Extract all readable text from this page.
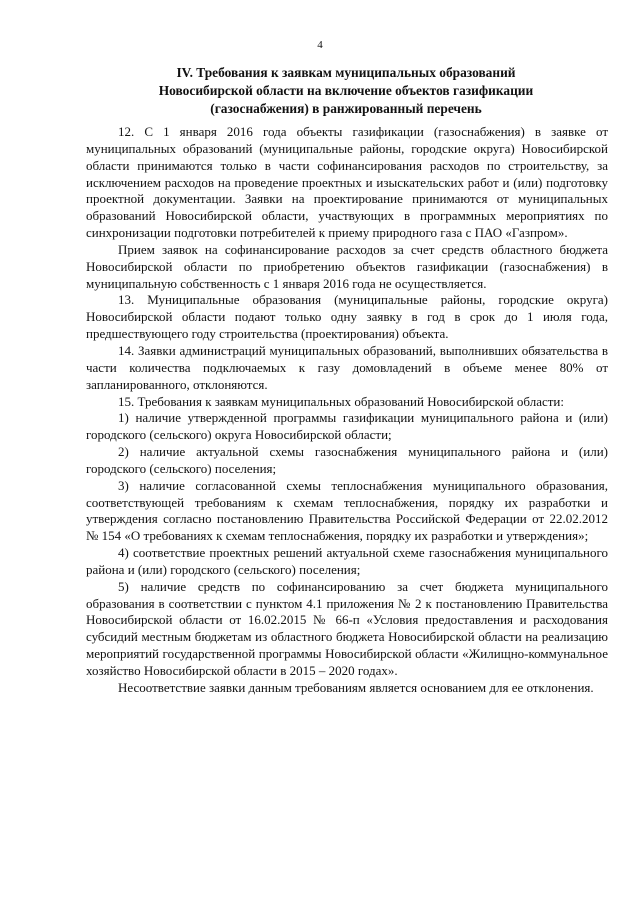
4
IV. Требования к заявкам муниципальных образований
Новосибирской области на включение объектов газификации
(газоснабжения) в ранжированный перечень

12. С 1 января 2016 года объекты газификации (газоснабжения) в заявке от муниципальных образований (муниципальные районы, городские округа) Новосибирской области принимаются только в части софинансирования расходов по строительству, за исключением расходов на проведение проектных и изыскательских работ и (или) подготовку проектной документации. Заявки на проектирование принимаются от муниципальных образований Новосибирской области, участвующих в программных мероприятиях по синхронизации подготовки потребителей к приему природного газа с ПАО «Газпром».

Прием заявок на софинансирование расходов за счет средств областного бюджета Новосибирской области по приобретению объектов газификации (газоснабжения) в муниципальную собственность с 1 января 2016 года не осуществляется.

13. Муниципальные образования (муниципальные районы, городские округа) Новосибирской области подают только одну заявку в год в срок до 1 июля года, предшествующего году строительства (проектирования) объекта.

14. Заявки администраций муниципальных образований, выполнивших обязательства в части количества подключаемых к газу домовладений в объеме менее 80% от запланированного, отклоняются.

15. Требования к заявкам муниципальных образований Новосибирской области:

1) наличие утвержденной программы газификации муниципального района и (или) городского (сельского) округа Новосибирской области;

2) наличие актуальной схемы газоснабжения муниципального района и (или) городского (сельского) поселения;

3) наличие согласованной схемы теплоснабжения муниципального образования, соответствующей требованиям к схемам теплоснабжения, порядку их разработки и утверждения согласно постановлению Правительства Российской Федерации от 22.02.2012 № 154 «О требованиях к схемам теплоснабжения, порядку их разработки и утверждения»;

4) соответствие проектных решений актуальной схеме газоснабжения муниципального района и (или) городского (сельского) поселения;

5) наличие средств по софинансированию за счет бюджета муниципального образования в соответствии с пунктом 4.1 приложения № 2 к постановлению Правительства Новосибирской области от 16.02.2015 № 66-п «Условия предоставления и расходования субсидий местным бюджетам из областного бюджета Новосибирской области на реализацию мероприятий государственной программы Новосибирской области «Жилищно-коммунальное хозяйство Новосибирской области в 2015 – 2020 годах».

Несоответствие заявки данным требованиям является основанием для ее отклонения.
